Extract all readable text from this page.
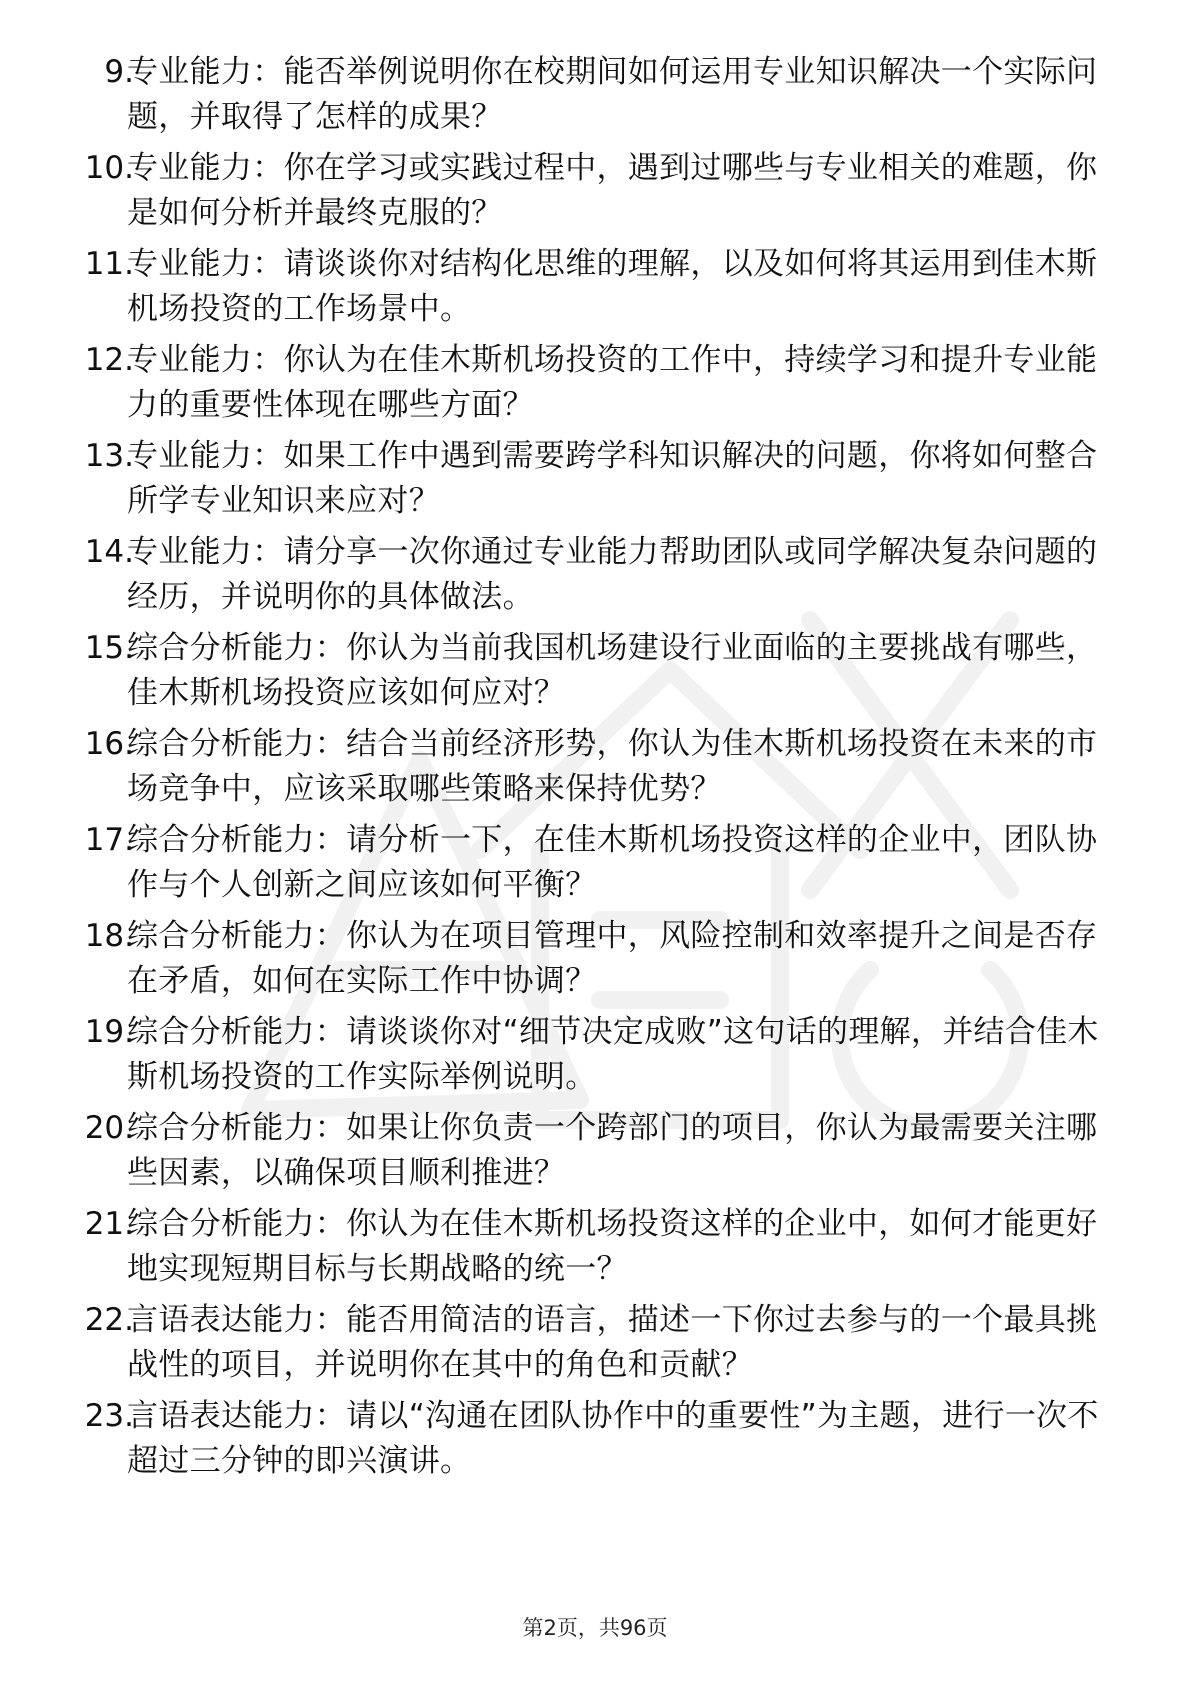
9.

专业能力：能否举例说明你在校期间如何运用专业知识解决一个实际问题，并取得了怎样的成果？

10.

专业能力：你在学习或实践过程中，遇到过哪些与专业相关的难题，你是如何分析并最终克服的？

11.

专业能力：请谈谈你对结构化思维的理解，以及如何将其运用到佳木斯机场投资的工作场景中。

12.

专业能力：你认为在佳木斯机场投资的工作中，持续学习和提升专业能力的重要性体现在哪些方面？

13.

专业能力：如果工作中遇到需要跨学科知识解决的问题，你将如何整合所学专业知识来应对？

14.

专业能力：请分享一次你通过专业能力帮助团队或同学解决复杂问题的经历，并说明你的具体做法。

15.

综合分析能力：你认为当前我国机场建设行业面临的主要挑战有哪些，佳木斯机场投资应该如何应对？

16.

综合分析能力：结合当前经济形势，你认为佳木斯机场投资在未来的市场竞争中，应该采取哪些策略来保持优势？

17.

综合分析能力：请分析一下，在佳木斯机场投资这样的企业中，团队协作与个人创新之间应该如何平衡？

18.

综合分析能力：你认为在项目管理中，风险控制和效率提升之间是否存在矛盾，如何在实际工作中协调？

19.

综合分析能力：请谈谈你对“细节决定成败”这句话的理解，并结合佳木斯机场投资的工作实际举例说明。

20.

综合分析能力：如果让你负责一个跨部门的项目，你认为最需要关注哪些因素，以确保项目顺利推进？

21.

综合分析能力：你认为在佳木斯机场投资这样的企业中，如何才能更好地实现短期目标与长期战略的统一？

22.

言语表达能力：能否用简洁的语言，描述一下你过去参与的一个最具挑战性的项目，并说明你在其中的角色和贡献？

23.

言语表达能力：请以“沟通在团队协作中的重要性”为主题，进行一次不超过三分钟的即兴演讲。

第2页，共96页
